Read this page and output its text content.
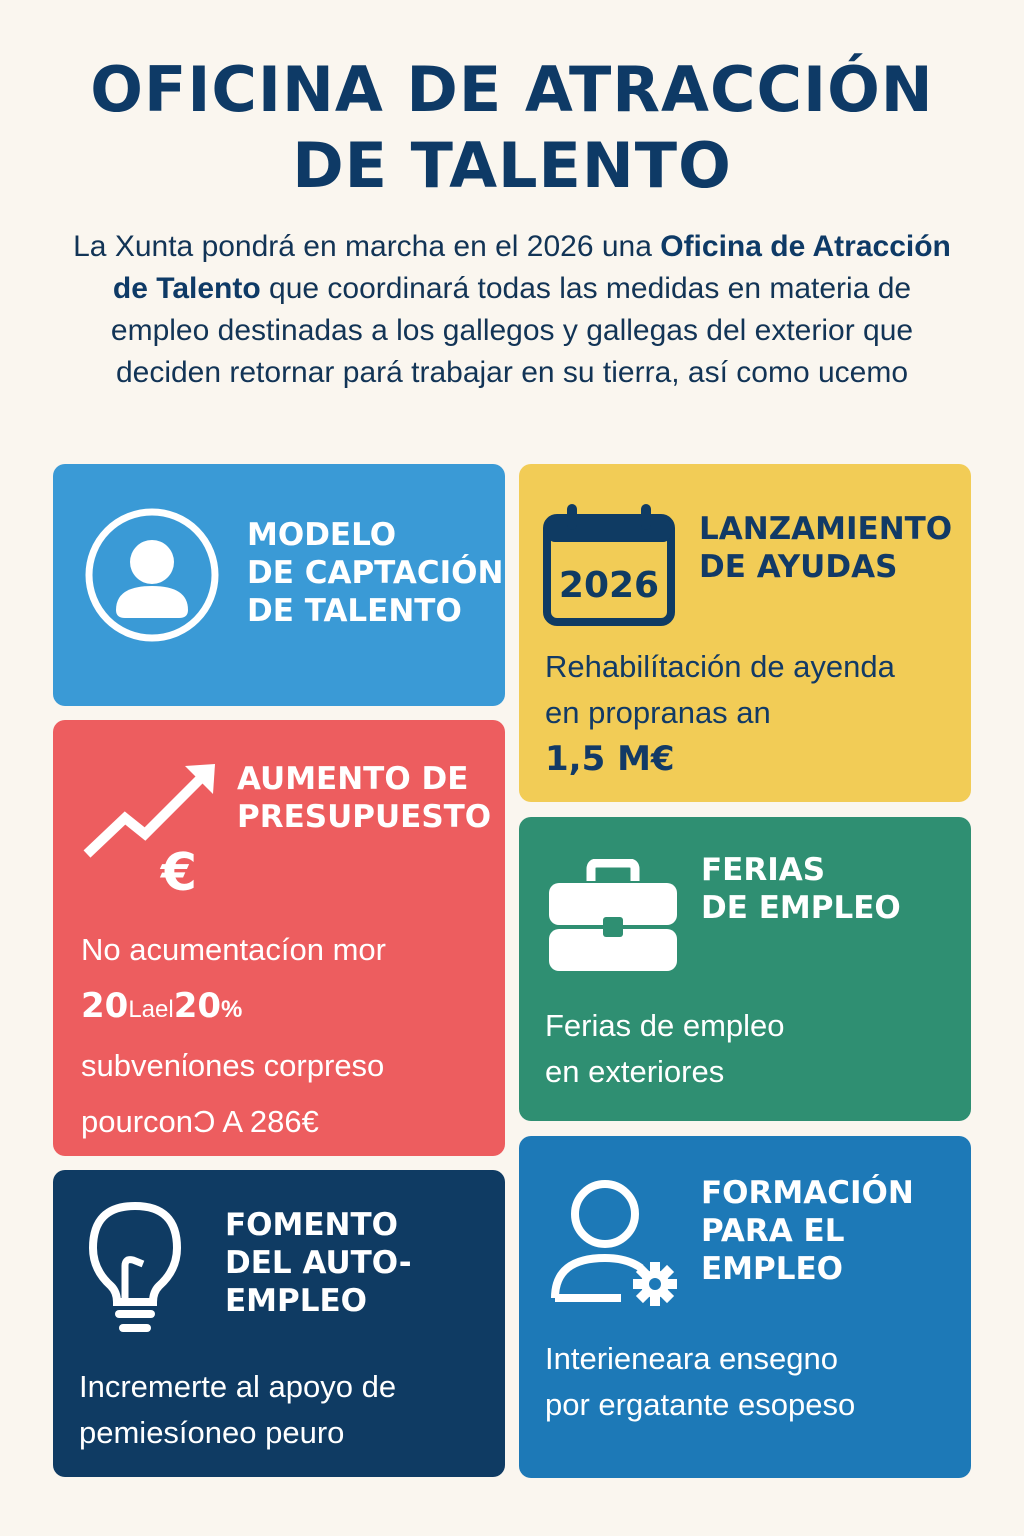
OFICINA DE ATRACCIÓN
DE TALENTO
La Xunta pondrá en marcha en el 2026 una Oficina de Atracción de Talento que coordinará todas las medidas en materia de empleo destinadas a los gallegos y gallegas del exterior que deciden retornar pará trabajar en su tierra, así como ucemo
MODELO
DE CAPTACIÓN
DE TALENTO
2026
LANZAMIENTO
DE AYUDAS
Rehabilítación de ayenda
en propranas an
1,5 M€
€
AUMENTO DE
PRESUPUESTO
No acumentacíon mor
20Lael20%
subvenίones corpreso
pourconƆ A 286€
FERIAS
DE EMPLEO
Ferias de empleo
en exteriores
FOMENTO
DEL AUTO-
EMPLEO
Incremerte al apoyo de
pemiesíoneo peuro
FORMACIÓN
PARA EL
EMPLEO
Interieneara ensegno
por ergatante esopeso
